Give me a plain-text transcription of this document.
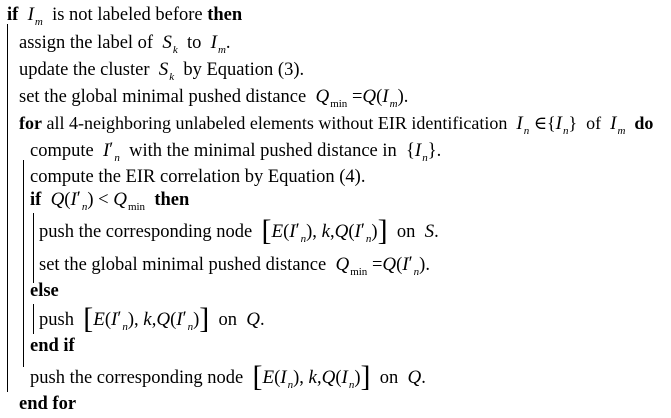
if $I_m$ is not labeled before then
assign the label of $S_k$ to $I_m$.
update the cluster $S_k$ by Equation (3).
set the global minimal pushed distance $Q_{min} =Q(I_m)$.
for all 4-neighboring unlabeled elements without EIR identification $I_n$ $\in\{I_n\}$ of $I_m$ do
compute $I'_n$ with the minimal pushed distance in $\{I_n\}$.
compute the EIR correlation by Equation (4).
if $Q(I'_n) < Q_{min}$ then
push the corresponding node [$E(I'_n)$, $k,Q(I'_n)$] on S.
set the global minimal pushed distance $Q_{min} =Q(I'_n)$.
else
push [$E(I'_n)$, $k,Q(I'_n)$] on Q.
end if
push the corresponding node [$E(I_n)$, $k,Q(I_n)$] on Q.
end for
